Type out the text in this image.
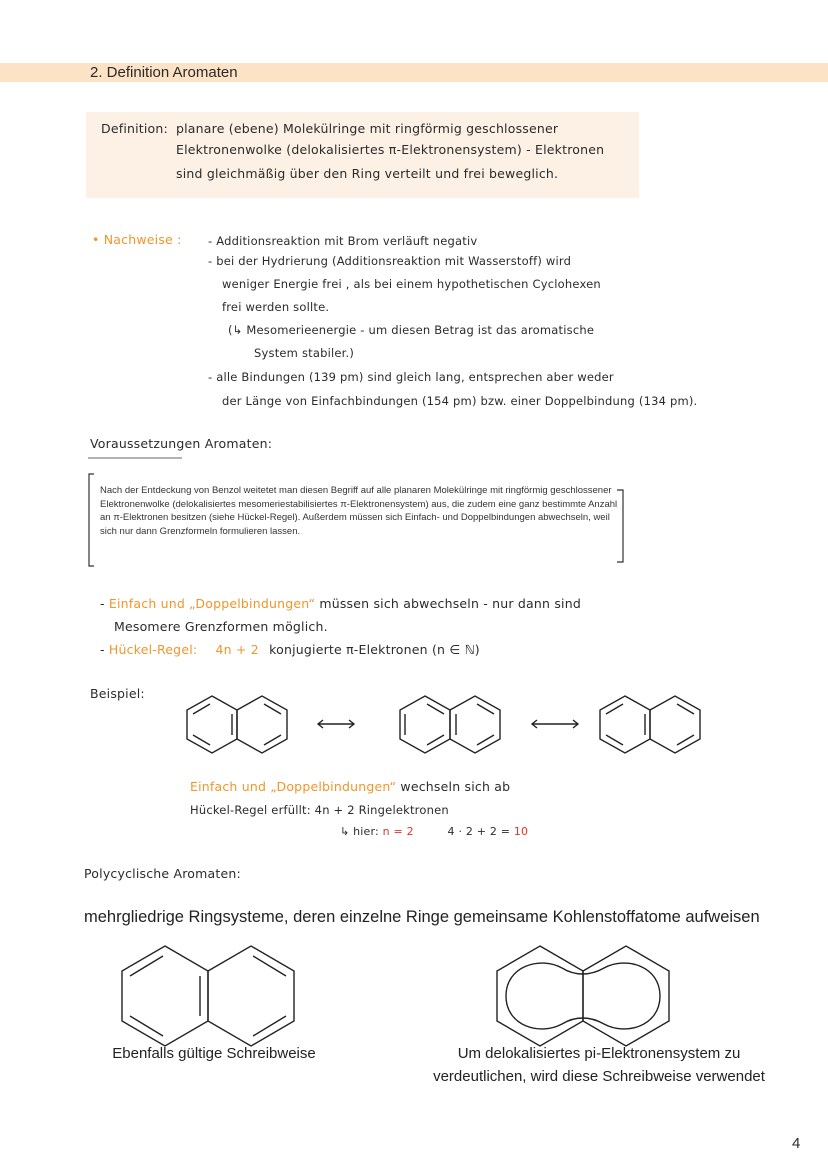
2. Definition Aromaten
Definition: planare (ebene) Molekülringe mit ringförmig geschlossener
Elektronenwolke (delokalisiertes π-Elektronensystem) - Elektronen
sind gleichmäßig über den Ring verteilt und frei beweglich.
• Nachweise : - Additionsreaktion mit Brom verläuft negativ
- bei der Hydrierung (Additionsreaktion mit Wasserstoff) wird
weniger Energie frei , als bei einem hypothetischen Cyclohexen
frei werden sollte.
(↳ Mesomerieenergie - um diesen Betrag ist das aromatische
System stabiler.)
- alle Bindungen (139 pm) sind gleich lang, entsprechen aber weder
der Länge von Einfachbindungen (154 pm) bzw. einer Doppelbindung (134 pm).
Voraussetzungen Aromaten:
Nach der Entdeckung von Benzol weitetet man diesen Begriff auf alle planaren Molekülringe mit ringförmig geschlossener Elektronenwolke (delokalisiertes mesomeriestabilisiertes π-Elektronensystem) aus, die zudem eine ganz bestimmte Anzahl an π-Elektronen besitzen (siehe Hückel-Regel). Außerdem müssen sich Einfach- und Doppelbindungen abwechseln, weil sich nur dann Grenzformeln formulieren lassen.
- Einfach und „Doppelbindungen“ müssen sich abwechseln - nur dann sind
Mesomere Grenzformen möglich.
- Hückel-Regel: 4n + 2 konjugierte π-Elektronen (n ∈ ℕ)
Beispiel:
Einfach und „Doppelbindungen“ wechseln sich ab
Hückel-Regel erfüllt: 4n + 2 Ringelektronen
↳ hier: n = 2	4 · 2 + 2 = 10
Polycyclische Aromaten:
mehrgliedrige Ringsysteme, deren einzelne Ringe gemeinsame Kohlenstoffatome aufweisen
Ebenfalls gültige Schreibweise	Um delokalisiertes pi-Elektronensystem zu
verdeutlichen, wird diese Schreibweise verwendet
4
